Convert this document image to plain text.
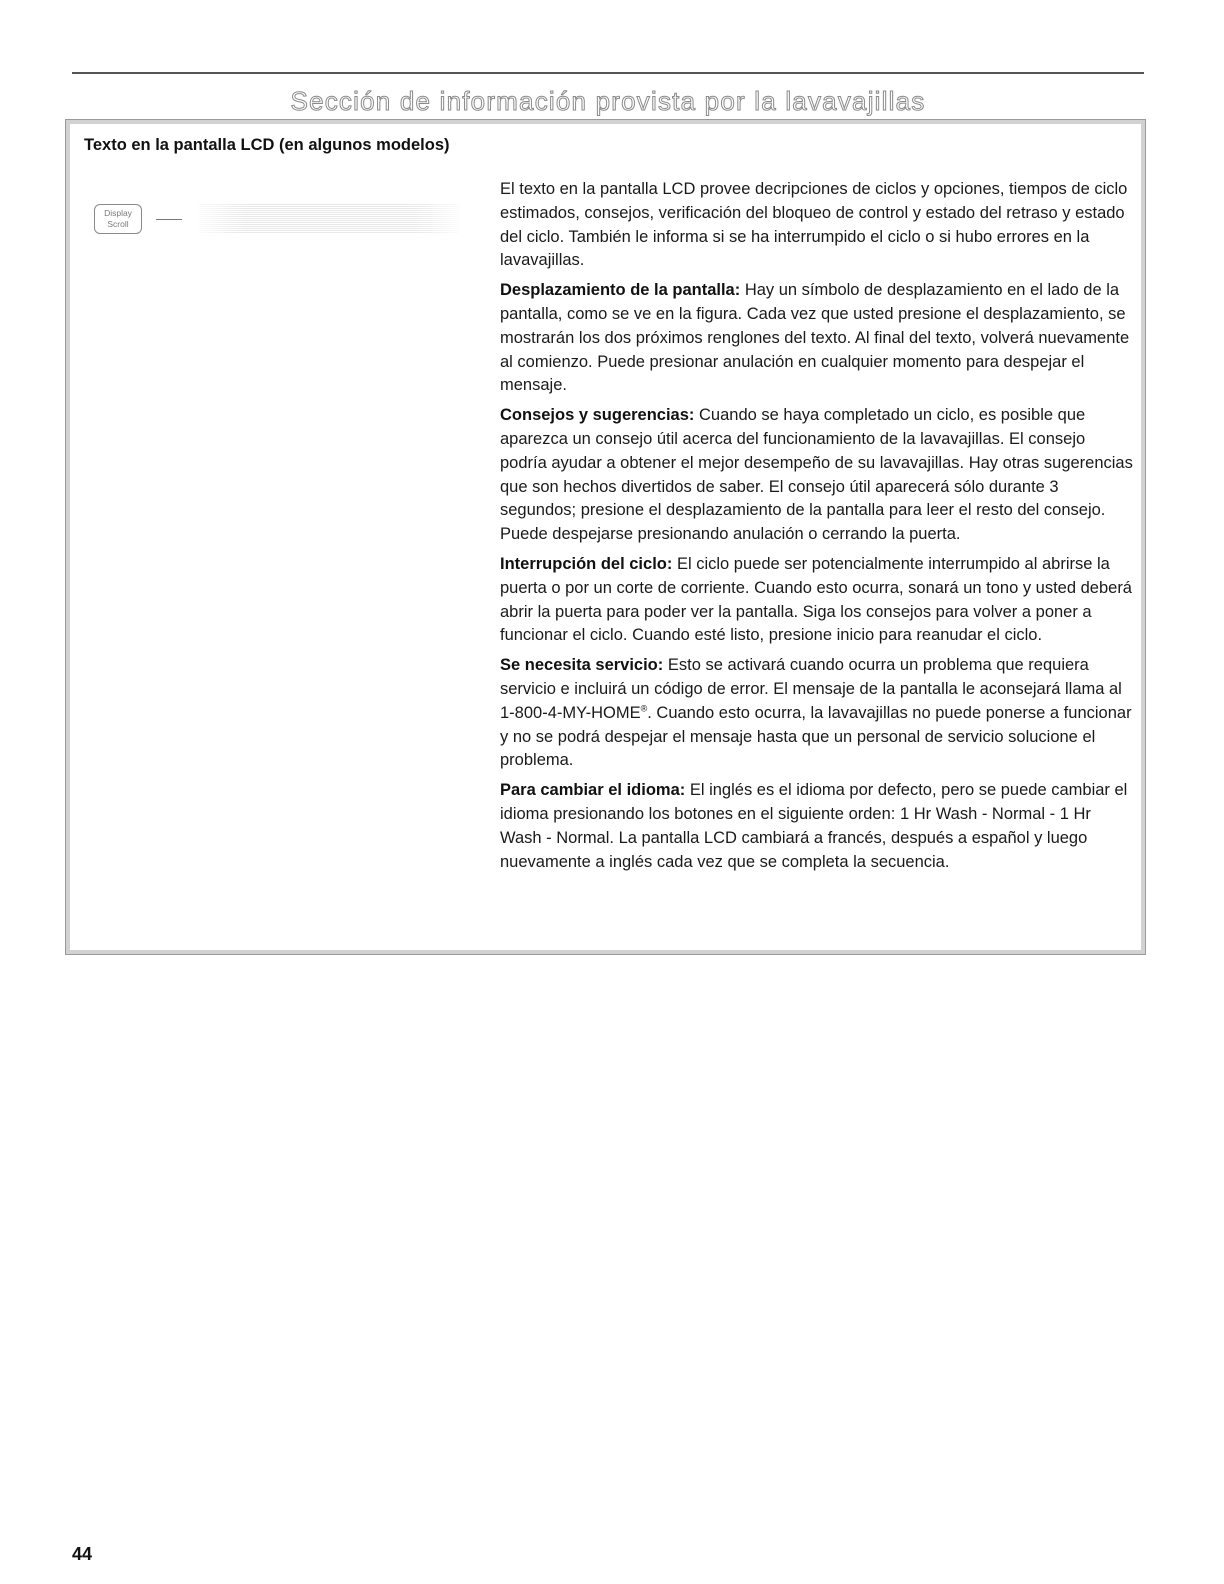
Sección de información provista por la lavavajillas
Texto en la pantalla LCD (en algunos modelos)
Display
Scroll

El texto en la pantalla LCD provee decripciones de ciclos y opciones, tiempos de ciclo estimados, consejos, verificación del bloqueo de control y estado del retraso y estado del ciclo. También le informa si se ha interrumpido el ciclo o si hubo errores en la lavavajillas.

Desplazamiento de la pantalla: Hay un símbolo de desplazamiento en el lado de la pantalla, como se ve en la figura. Cada vez que usted presione el desplazamiento, se mostrarán los dos próximos renglones del texto. Al final del texto, volverá nuevamente al comienzo. Puede presionar anulación en cualquier momento para despejar el mensaje.

Consejos y sugerencias: Cuando se haya completado un ciclo, es posible que aparezca un consejo útil acerca del funcionamiento de la lavavajillas. El consejo podría ayudar a obtener el mejor desempeño de su lavavajillas. Hay otras sugerencias que son hechos divertidos de saber. El consejo útil aparecerá sólo durante 3 segundos; presione el desplazamiento de la pantalla para leer el resto del consejo. Puede despejarse presionando anulación o cerrando la puerta.

Interrupción del ciclo: El ciclo puede ser potencialmente interrumpido al abrirse la puerta o por un corte de corriente. Cuando esto ocurra, sonará un tono y usted deberá abrir la puerta para poder ver la pantalla. Siga los consejos para volver a poner a funcionar el ciclo. Cuando esté listo, presione inicio para reanudar el ciclo.

Se necesita servicio: Esto se activará cuando ocurra un problema que requiera servicio e incluirá un código de error. El mensaje de la pantalla le aconsejará llama al 1-800-4-MY-HOME®. Cuando esto ocurra, la lavavajillas no puede ponerse a funcionar y no se podrá despejar el mensaje hasta que un personal de servicio solucione el problema.

Para cambiar el idioma: El inglés es el idioma por defecto, pero se puede cambiar el idioma presionando los botones en el siguiente orden: 1 Hr Wash - Normal - 1 Hr Wash - Normal. La pantalla LCD cambiará a francés, después a español y luego nuevamente a inglés cada vez que se completa la secuencia.

44
